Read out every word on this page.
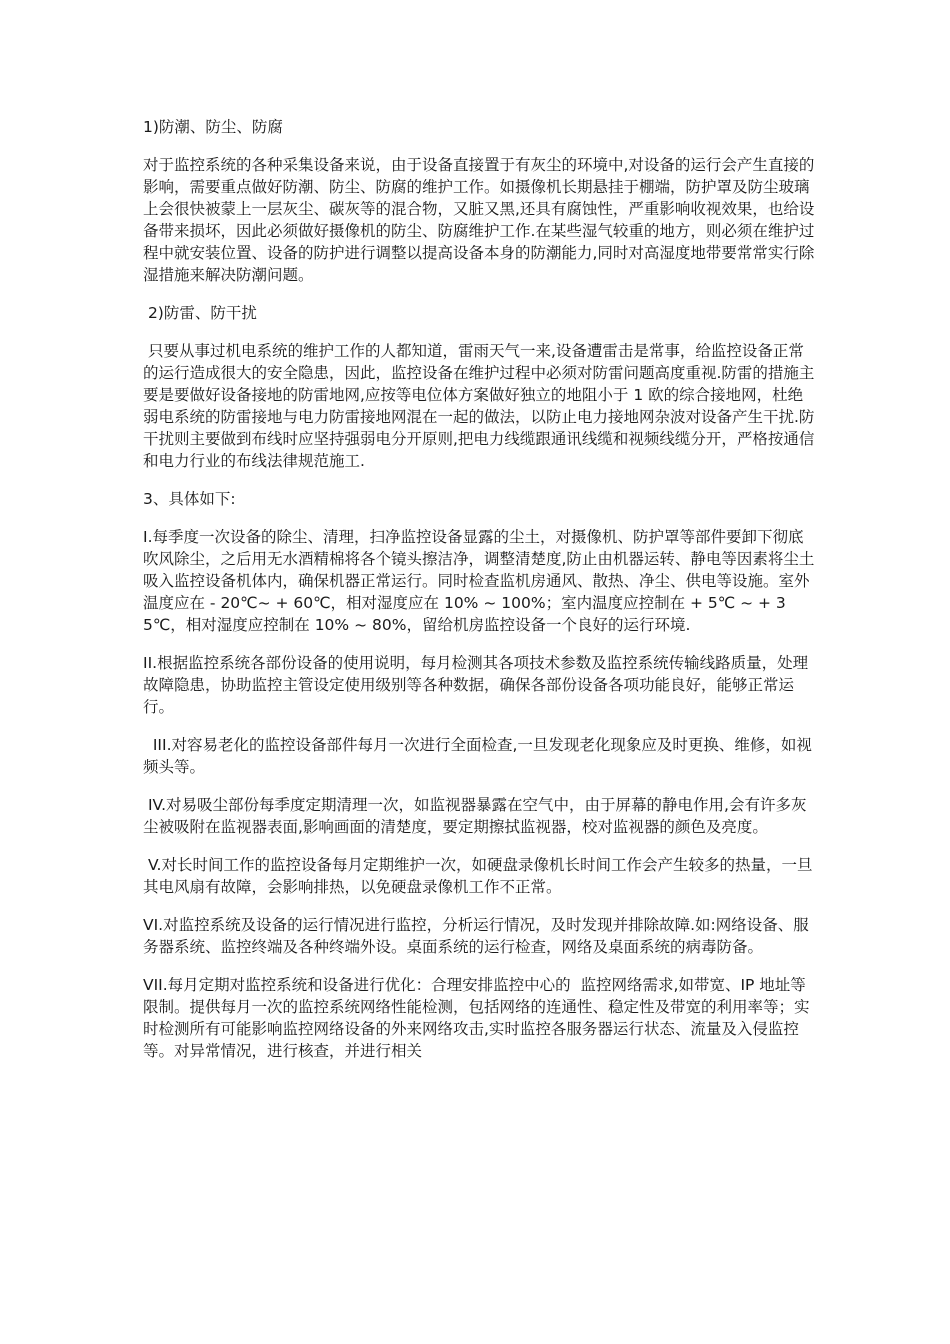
1)防潮、防尘、防腐

对于监控系统的各种采集设备来说，由于设备直接置于有灰尘的环境中,对设备的运行会产生直接的影响，需要重点做好防潮、防尘、防腐的维护工作。如摄像机长期悬挂于棚端，防护罩及防尘玻璃上会很快被蒙上一层灰尘、碳灰等的混合物，又脏又黑,还具有腐蚀性，严重影响收视效果，也给设备带来损坏，因此必须做好摄像机的防尘、防腐维护工作.在某些湿气较重的地方，则必须在维护过程中就安装位置、设备的防护进行调整以提高设备本身的防潮能力,同时对高湿度地带要常常实行除湿措施来解决防潮问题。

2)防雷、防干扰

只要从事过机电系统的维护工作的人都知道，雷雨天气一来,设备遭雷击是常事，给监控设备正常的运行造成很大的安全隐患，因此，监控设备在维护过程中必须对防雷问题高度重视.防雷的措施主要是要做好设备接地的防雷地网,应按等电位体方案做好独立的地阻小于 1 欧的综合接地网，杜绝弱电系统的防雷接地与电力防雷接地网混在一起的做法，以防止电力接地网杂波对设备产生干扰.防干扰则主要做到布线时应坚持强弱电分开原则,把电力线缆跟通讯线缆和视频线缆分开，严格按通信和电力行业的布线法律规范施工.

3、具体如下:

I.每季度一次设备的除尘、清理，扫净监控设备显露的尘土，对摄像机、防护罩等部件要卸下彻底吹风除尘，之后用无水酒精棉将各个镜头擦洁净，调整清楚度,防止由机器运转、静电等因素将尘土吸入监控设备机体内，确保机器正常运行。同时检查监机房通风、散热、净尘、供电等设施。室外温度应在 - 20℃~ + 60℃，相对湿度应在 10% ~ 100%；室内温度应控制在 + 5℃ ~ + 35℃，相对湿度应控制在 10% ~ 80%，留给机房监控设备一个良好的运行环境.

II.根据监控系统各部份设备的使用说明，每月检测其各项技术参数及监控系统传输线路质量，处理故障隐患，协助监控主管设定使用级别等各种数据，确保各部份设备各项功能良好，能够正常运行。

III.对容易老化的监控设备部件每月一次进行全面检查,一旦发现老化现象应及时更换、维修，如视频头等。

IV.对易吸尘部份每季度定期清理一次，如监视器暴露在空气中，由于屏幕的静电作用,会有许多灰尘被吸附在监视器表面,影响画面的清楚度，要定期擦拭监视器，校对监视器的颜色及亮度。

V.对长时间工作的监控设备每月定期维护一次，如硬盘录像机长时间工作会产生较多的热量，一旦其电风扇有故障，会影响排热，以免硬盘录像机工作不正常。

VI.对监控系统及设备的运行情况进行监控，分析运行情况，及时发现并排除故障.如:网络设备、服务器系统、监控终端及各种终端外设。桌面系统的运行检查，网络及桌面系统的病毒防备。

VII.每月定期对监控系统和设备进行优化：合理安排监控中心的  监控网络需求,如带宽、IP 地址等限制。提供每月一次的监控系统网络性能检测，包括网络的连通性、稳定性及带宽的利用率等；实时检测所有可能影响监控网络设备的外来网络攻击,实时监控各服务器运行状态、流量及入侵监控等。对异常情况，进行核查，并进行相关
